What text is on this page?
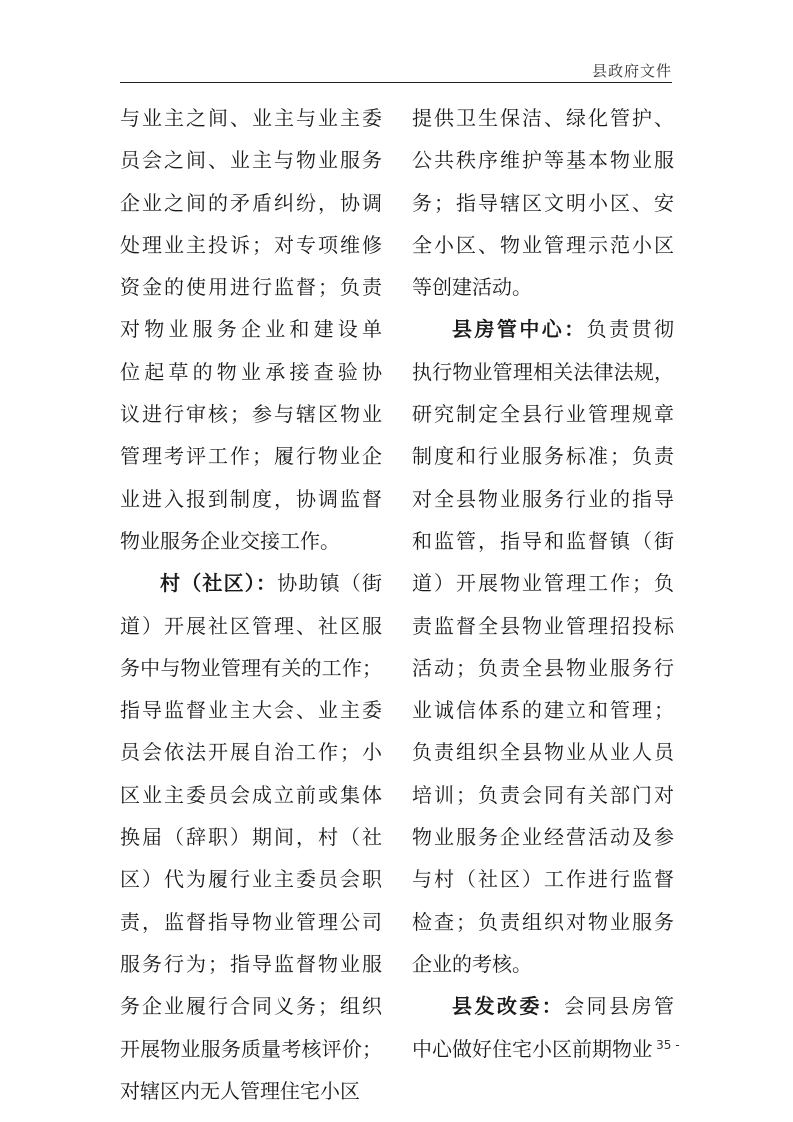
县政府文件
与业主之间、业主与业主委
员会之间、业主与物业服务
企业之间的矛盾纠纷，协调
处理业主投诉；对专项维修
资金的使用进行监督；负责
对物业服务企业和建设单
位起草的物业承接查验协
议进行审核；参与辖区物业
管理考评工作；履行物业企
业进入报到制度，协调监督
物业服务企业交接工作。
村（社区）：协助镇（街
道）开展社区管理、社区服
务中与物业管理有关的工作；
指导监督业主大会、业主委
员会依法开展自治工作；小
区业主委员会成立前或集体
换届（辞职）期间，村（社
区）代为履行业主委员会职
责，监督指导物业管理公司
服务行为；指导监督物业服
务企业履行合同义务；组织
开展物业服务质量考核评价；
对辖区内无人管理住宅小区
提供卫生保洁、绿化管护、
公共秩序维护等基本物业服
务；指导辖区文明小区、安
全小区、物业管理示范小区
等创建活动。
县房管中心：负责贯彻
执行物业管理相关法律法规，
研究制定全县行业管理规章
制度和行业服务标准；负责
对全县物业服务行业的指导
和监管，指导和监督镇（街
道）开展物业管理工作；负
责监督全县物业管理招投标
活动；负责全县物业服务行
业诚信体系的建立和管理；
负责组织全县物业从业人员
培训；负责会同有关部门对
物业服务企业经营活动及参
与村（社区）工作进行监督
检查；负责组织对物业服务
企业的考核。
县发改委：会同县房管
中心做好住宅小区前期物业
- 35 -
